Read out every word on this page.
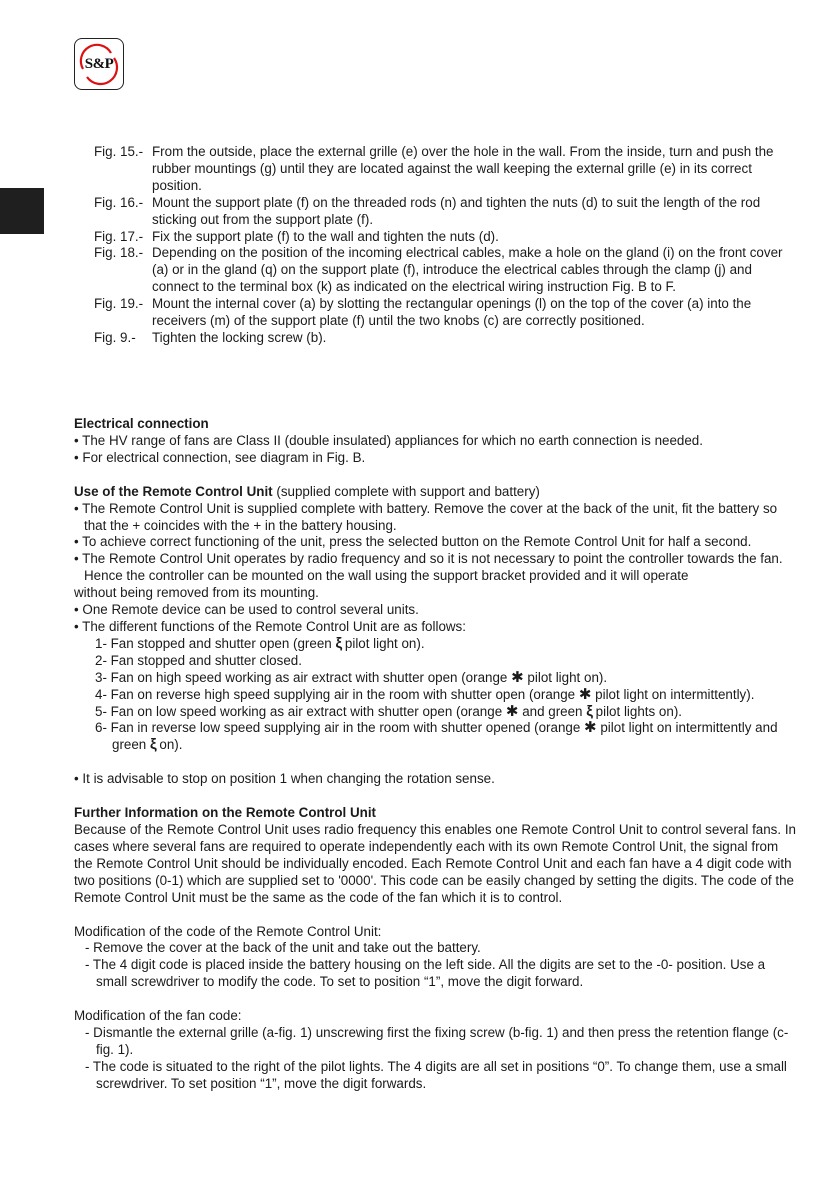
S&P
Fig. 15.- From the outside, place the external grille (e) over the hole in the wall. From the inside, turn and push the rubber mountings (g) until they are located against the wall keeping the external grille (e) in its correct position.
Fig. 16.- Mount the support plate (f) on the threaded rods (n) and tighten the nuts (d) to suit the length of the rod sticking out from the support plate (f).
Fig. 17.- Fix the support plate (f) to the wall and tighten the nuts (d).
Fig. 18.- Depending on the position of the incoming electrical cables, make a hole on the gland (i) on the front cover (a) or in the gland (q) on the support plate (f), introduce the electrical cables through the clamp (j) and connect to the terminal box (k) as indicated on the electrical wiring instruction Fig. B to F.
Fig. 19.- Mount the internal cover (a) by slotting the rectangular openings (l) on the top of the cover (a) into the receivers (m) of the support plate (f) until the two knobs (c) are correctly positioned.
Fig. 9.-	Tighten the locking screw (b).
Electrical connection
• The HV range of fans are Class II (double insulated) appliances for which no earth connection is needed.
• For electrical connection, see diagram in Fig. B.
Use of the Remote Control Unit (supplied complete with support and battery)
• The Remote Control Unit is supplied complete with battery. Remove the cover at the back of the unit, fit the battery so that the + coincides with the + in the battery housing.
• To achieve correct functioning of the unit, press the selected button on the Remote Control Unit for half a second.
• The Remote Control Unit operates by radio frequency and so it is not necessary to point the controller towards the fan. Hence the controller can be mounted on the wall using the support bracket provided and it will operate
without being removed from its mounting.
• One Remote device can be used to control several units.
• The different functions of the Remote Control Unit are as follows:
1- Fan stopped and shutter open (green ξ pilot light on).
2- Fan stopped and shutter closed.
3- Fan on high speed working as air extract with shutter open (orange ✱ pilot light on).
4- Fan on reverse high speed supplying air in the room with shutter open (orange ✱ pilot light on intermittently).
5- Fan on low speed working as air extract with shutter open (orange ✱ and green ξ pilot lights on).
6- Fan in reverse low speed supplying air in the room with shutter opened (orange ✱ pilot light on intermittently and green ξ on).
• It is advisable to stop on position 1 when changing the rotation sense.
Further Information on the Remote Control Unit
Because of the Remote Control Unit uses radio frequency this enables one Remote Control Unit to control several fans. In cases where several fans are required to operate independently each with its own Remote Control Unit, the signal from the Remote Control Unit should be individually encoded. Each Remote Control Unit and each fan have a 4 digit code with two positions (0-1) which are supplied set to '0000'. This code can be easily changed by setting the digits. The code of the Remote Control Unit must be the same as the code of the fan which it is to control.
Modification of the code of the Remote Control Unit:
- Remove the cover at the back of the unit and take out the battery.
- The 4 digit code is placed inside the battery housing on the left side. All the digits are set to the -0- position. Use a small screwdriver to modify the code. To set to position “1”, move the digit forward.
Modification of the fan code:
- Dismantle the external grille (a-fig. 1) unscrewing first the fixing screw (b-fig. 1) and then press the retention flange (c-fig. 1).
- The code is situated to the right of the pilot lights. The 4 digits are all set in positions “0”. To change them, use a small screwdriver. To set position “1”, move the digit forwards.
